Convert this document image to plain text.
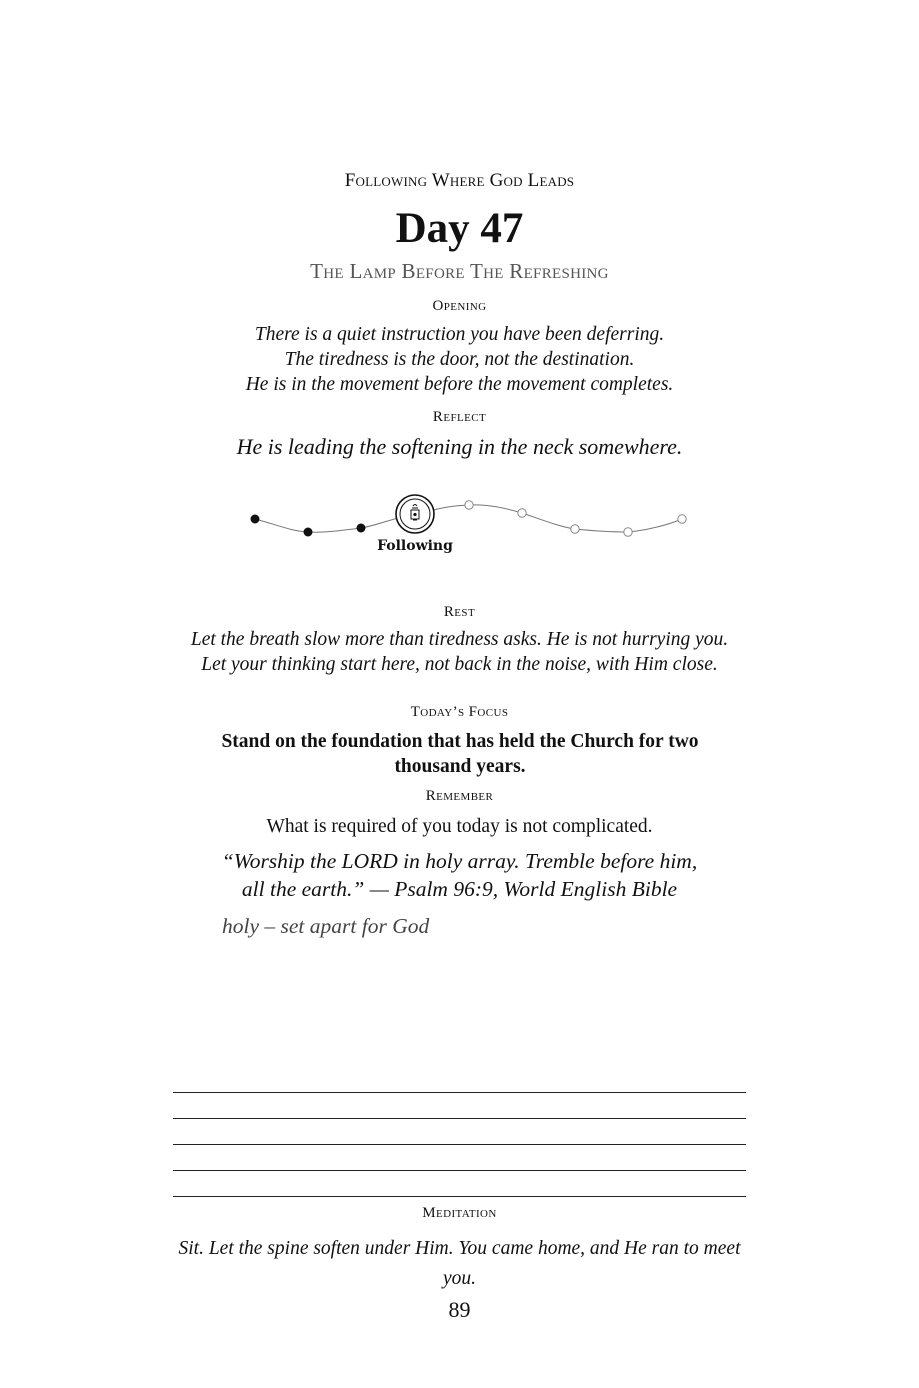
Following Where God Leads
Day 47
The Lamp Before The Refreshing
Opening
There is a quiet instruction you have been deferring.
The tiredness is the door, not the destination.
He is in the movement before the movement completes.
Reflect
He is leading the softening in the neck somewhere.
Following
Rest
Let the breath slow more than tiredness asks. He is not hurrying you.
Let your thinking start here, not back in the noise, with Him close.
Today’s Focus
Stand on the foundation that has held the Church for two thousand years.
Remember
What is required of you today is not complicated.
“Worship the LORD in holy array. Tremble before him,
all the earth.” — Psalm 96:9, World English Bible
holy – set apart for God
Meditation
Sit. Let the spine soften under Him. You came home, and He ran to meet you.
89
